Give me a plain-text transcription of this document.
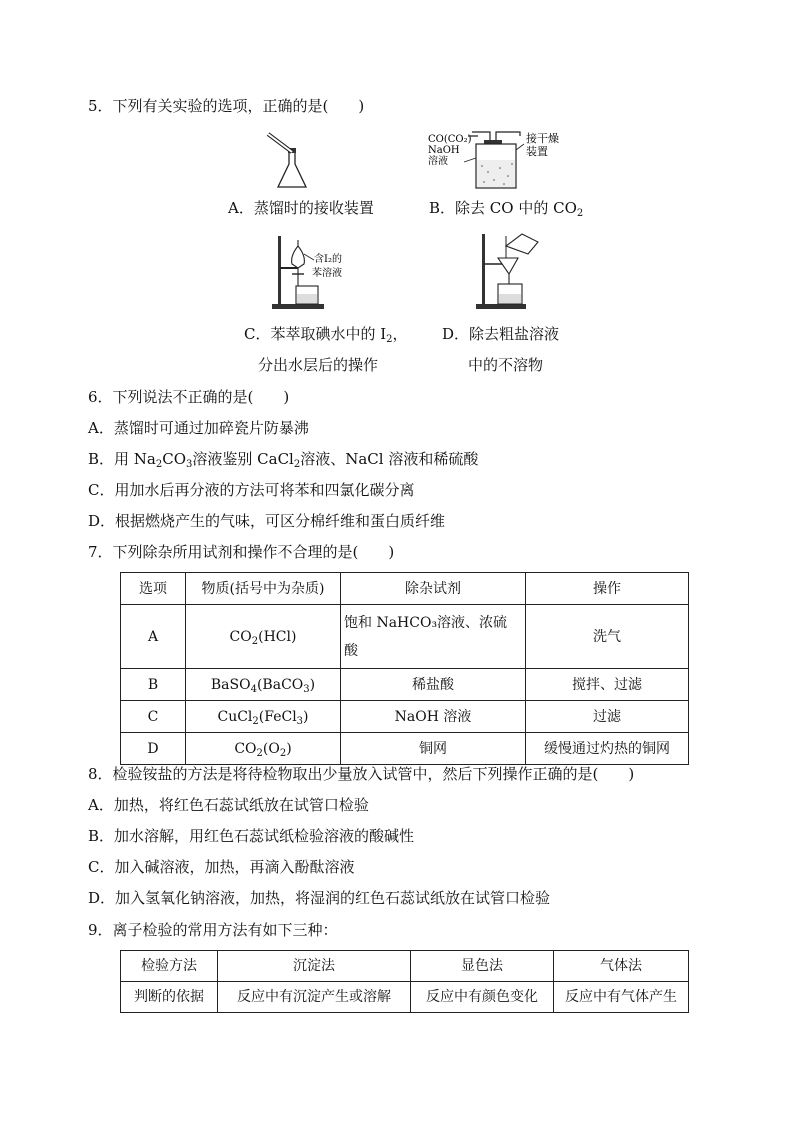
5．下列有关实验的选项，正确的是(　　)
CO(CO₂)
NaOH
溶液
接干燥
装置
A．蒸馏时的接收装置	B．除去 CO 中的 $CO_2$
含I₂的
苯溶液
C．苯萃取碘水中的 $I_2$，
分出水层后的操作
D．除去粗盐溶液
中的不溶物
6．下列说法不正确的是(　　)
A．蒸馏时可通过加碎瓷片防暴沸
B．用 $Na_2CO_3$溶液鉴别 CaCl$_2$溶液、NaCl 溶液和稀硫酸
C．用加水后再分液的方法可将苯和四氯化碳分离
D．根据燃烧产生的气味，可区分棉纤维和蛋白质纤维
7．下列除杂所用试剂和操作不合理的是(　　)
选项	物质(括号中为杂质)	除杂试剂	操作
A	$CO_2(HCl)$	饱和 NaHCO₃溶液、浓硫
酸	洗气
B	BaSO$_4$(BaCO$_3$)	稀盐酸	搅拌、过滤
C	CuCl$_2$(FeCl$_3$)	NaOH 溶液	过滤
D	$CO_2(O_2)$	铜网	缓慢通过灼热的铜网
8．检验铵盐的方法是将待检物取出少量放入试管中，然后下列操作正确的是(　　)
A．加热，将红色石蕊试纸放在试管口检验
B．加水溶解，用红色石蕊试纸检验溶液的酸碱性
C．加入碱溶液，加热，再滴入酚酞溶液
D．加入氢氧化钠溶液，加热，将湿润的红色石蕊试纸放在试管口检验
9．离子检验的常用方法有如下三种：
检验方法	沉淀法	显色法	气体法
判断的依据	反应中有沉淀产生或溶解	反应中有颜色变化	反应中有气体产生
